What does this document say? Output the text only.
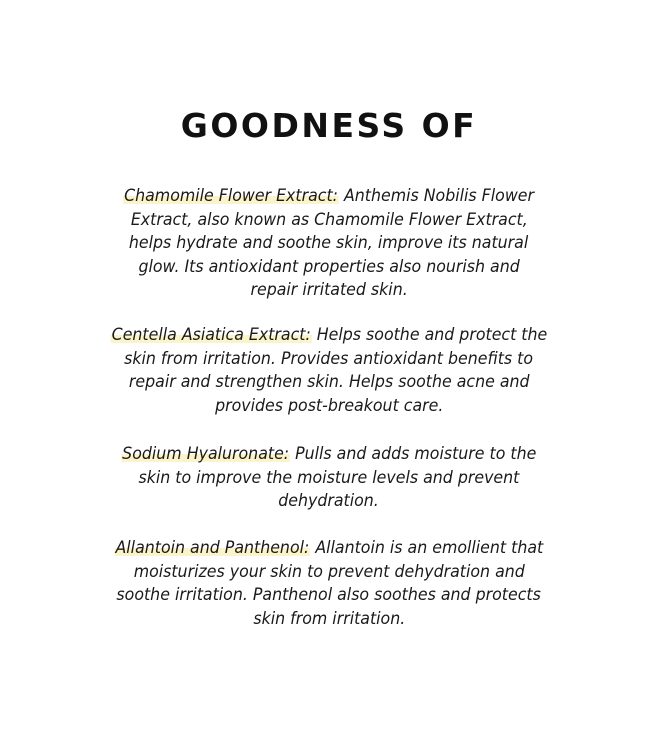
GOODNESS OF
Chamomile Flower Extract: Anthemis Nobilis Flower
Extract, also known as Chamomile Flower Extract,
helps hydrate and soothe skin, improve its natural
glow. Its antioxidant properties also nourish and
repair irritated skin.
Centella Asiatica Extract: Helps soothe and protect the
skin from irritation. Provides antioxidant benefits to
repair and strengthen skin. Helps soothe acne and
provides post-breakout care.
Sodium Hyaluronate: Pulls and adds moisture to the
skin to improve the moisture levels and prevent
dehydration.
Allantoin and Panthenol: Allantoin is an emollient that
moisturizes your skin to prevent dehydration and
soothe irritation. Panthenol also soothes and protects
skin from irritation.
